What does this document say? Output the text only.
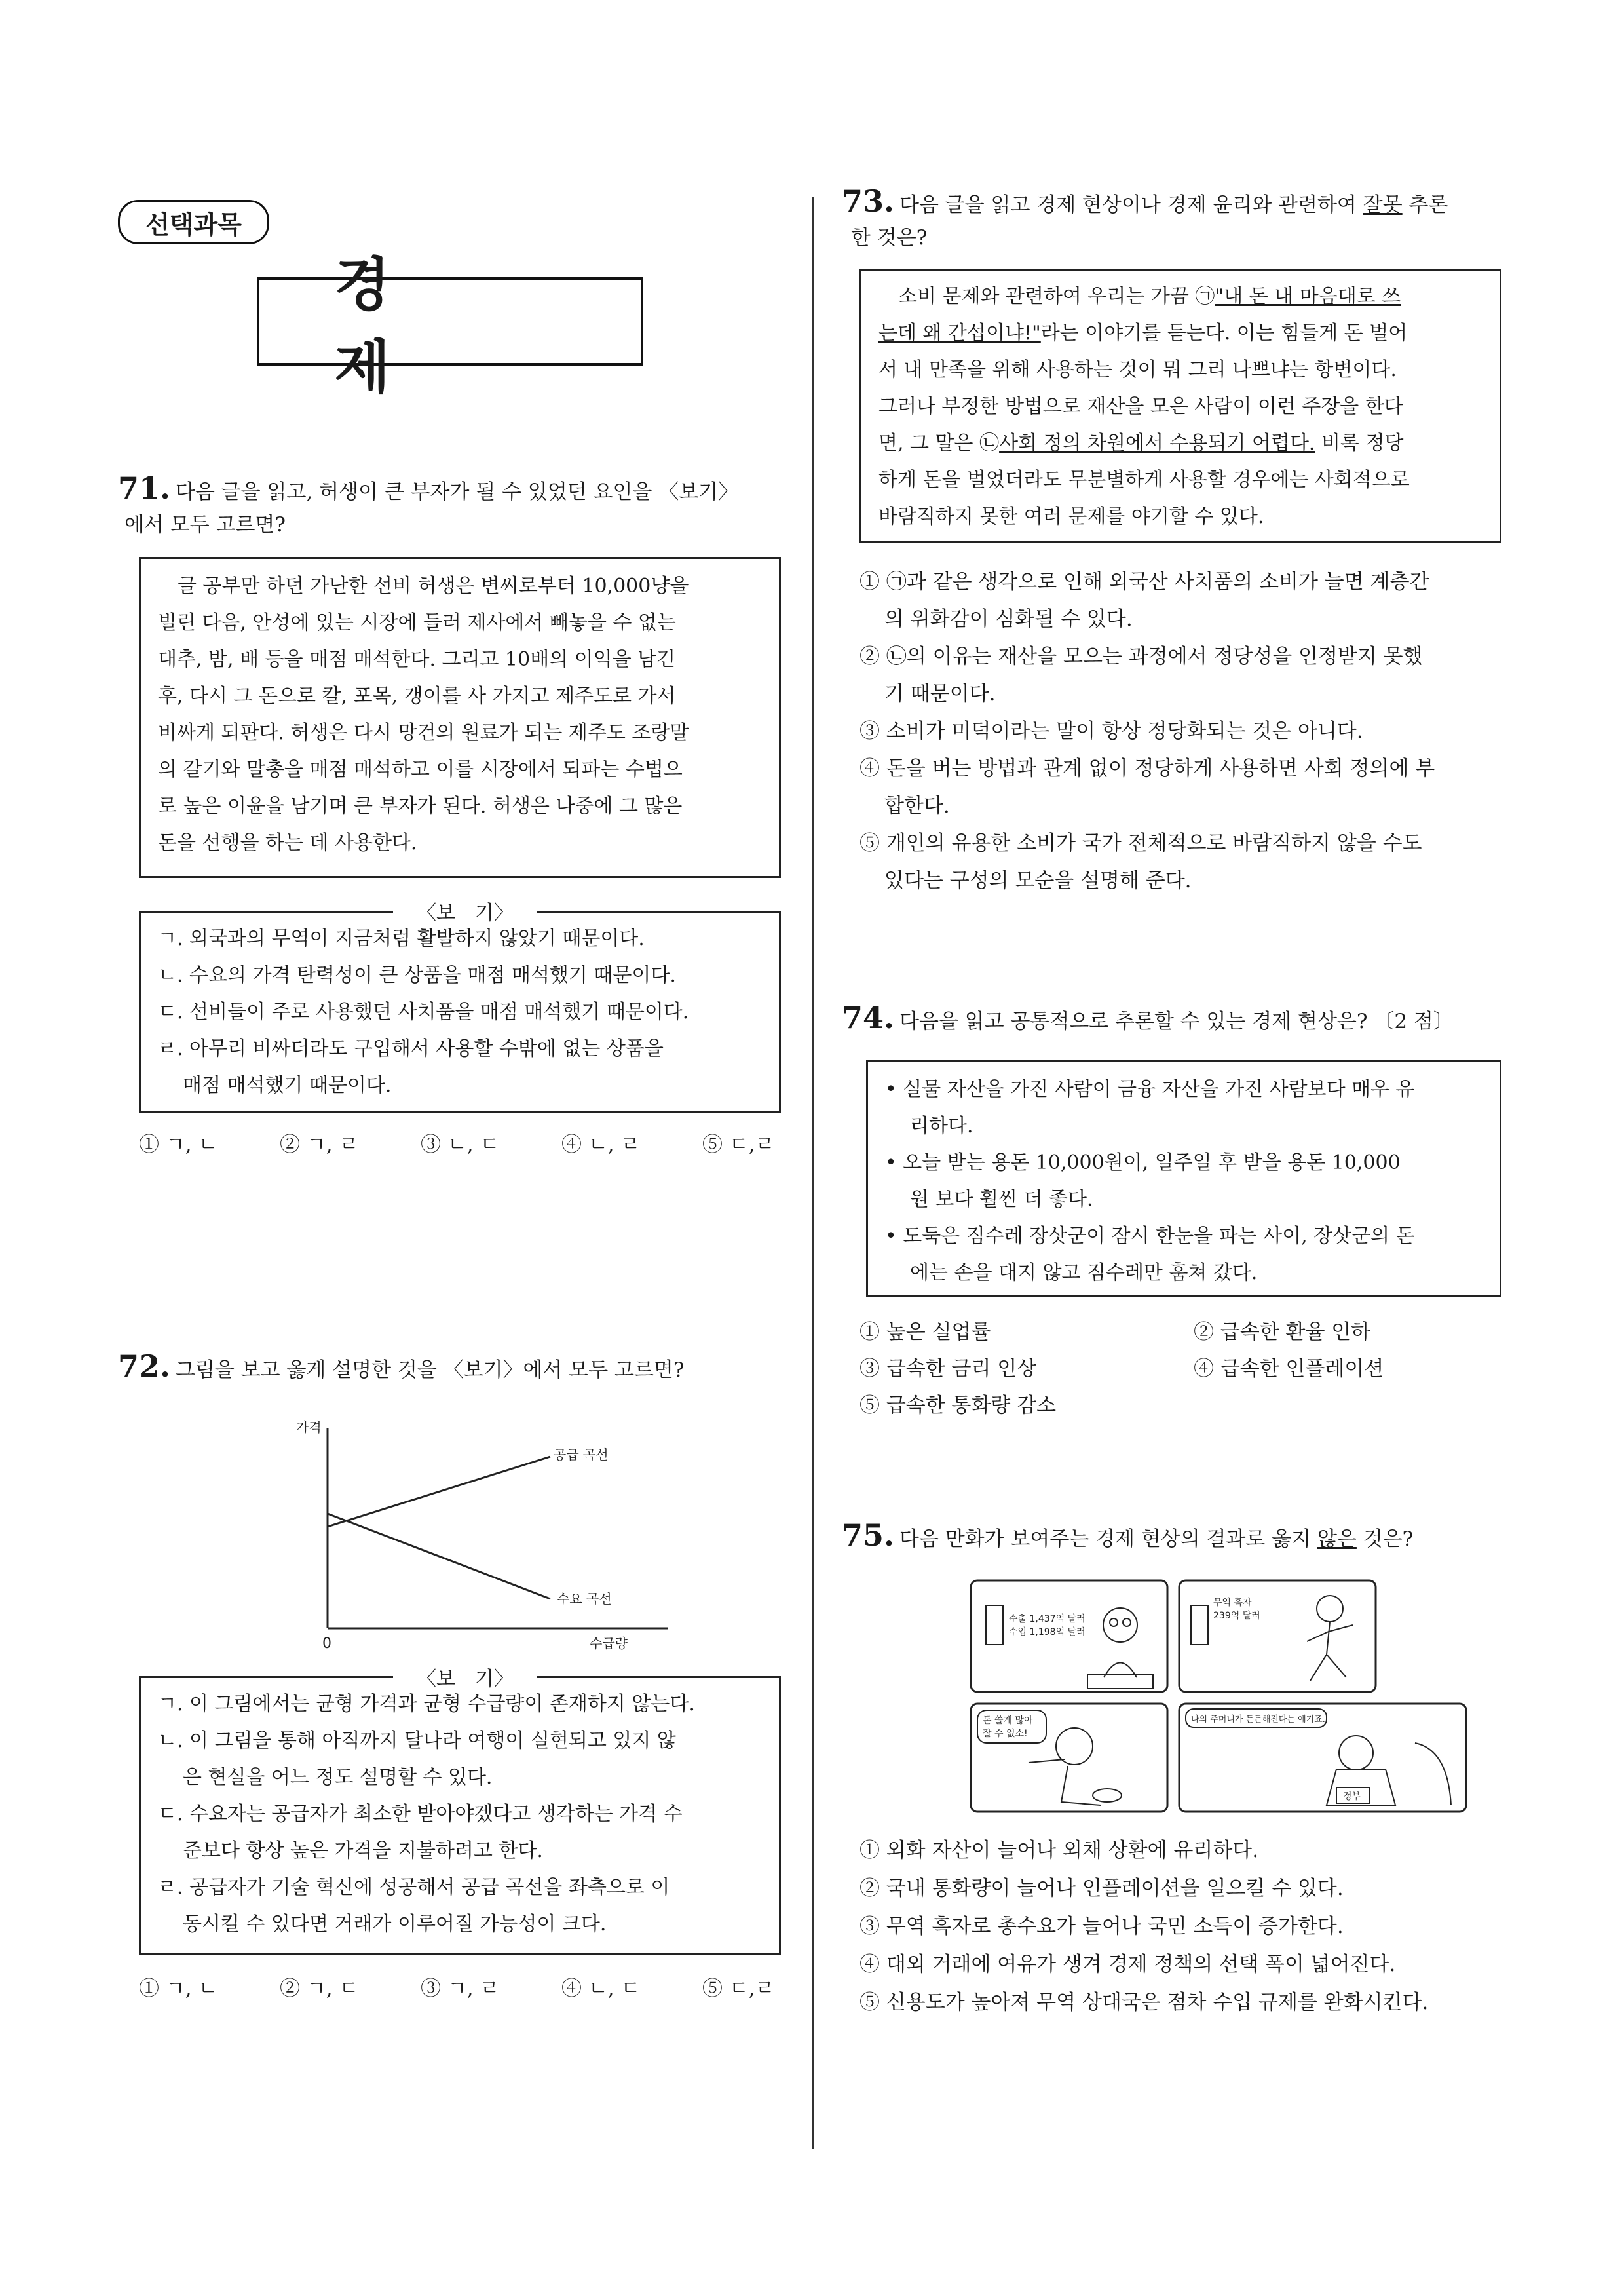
선택과목
경　제
71. 다음 글을 읽고, 허생이 큰 부자가 될 수 있었던 요인을 〈보기〉
에서 모두 고르면?
글 공부만 하던 가난한 선비 허생은 변씨로부터 10,000냥을
빌린 다음, 안성에 있는 시장에 들러 제사에서 빼놓을 수 없는
대추, 밤, 배 등을 매점 매석한다. 그리고 10배의 이익을 남긴
후, 다시 그 돈으로 칼, 포목, 갱이를 사 가지고 제주도로 가서
비싸게 되판다. 허생은 다시 망건의 원료가 되는 제주도 조랑말
의 갈기와 말총을 매점 매석하고 이를 시장에서 되파는 수법으
로 높은 이윤을 남기며 큰 부자가 된다. 허생은 나중에 그 많은
돈을 선행을 하는 데 사용한다.
ㄱ. 외국과의 무역이 지금처럼 활발하지 않았기 때문이다.
ㄴ. 수요의 가격 탄력성이 큰 상품을 매점 매석했기 때문이다.
ㄷ. 선비들이 주로 사용했던 사치품을 매점 매석했기 때문이다.
ㄹ. 아무리 비싸더라도 구입해서 사용할 수밖에 없는 상품을
매점 매석했기 때문이다.
〈보　기〉
① ㄱ, ㄴ	② ㄱ, ㄹ	③ ㄴ, ㄷ	④ ㄴ, ㄹ	⑤ ㄷ,ㄹ
72. 그림을 보고 옳게 설명한 것을 〈보기〉에서 모두 고르면?
가격
공급 곡선
수요 곡선
0	수급량
ㄱ. 이 그림에서는 균형 가격과 균형 수급량이 존재하지 않는다.
ㄴ. 이 그림을 통해 아직까지 달나라 여행이 실현되고 있지 않
은 현실을 어느 정도 설명할 수 있다.
ㄷ. 수요자는 공급자가 최소한 받아야겠다고 생각하는 가격 수
준보다 항상 높은 가격을 지불하려고 한다.
ㄹ. 공급자가 기술 혁신에 성공해서 공급 곡선을 좌측으로 이
동시킬 수 있다면 거래가 이루어질 가능성이 크다.
〈보　기〉
① ㄱ, ㄴ	② ㄱ, ㄷ	③ ㄱ, ㄹ	④ ㄴ, ㄷ	⑤ ㄷ,ㄹ
73. 다음 글을 읽고 경제 현상이나 경제 윤리와 관련하여 잘못 추론
한 것은?
소비 문제와 관련하여 우리는 가끔 ㉠"내 돈 내 마음대로 쓰
는데 왜 간섭이냐!"라는 이야기를 듣는다. 이는 힘들게 돈 벌어
서 내 만족을 위해 사용하는 것이 뭐 그리 나쁘냐는 항변이다.
그러나 부정한 방법으로 재산을 모은 사람이 이런 주장을 한다
면, 그 말은 ㉡사회 정의 차원에서 수용되기 어렵다. 비록 정당
하게 돈을 벌었더라도 무분별하게 사용할 경우에는 사회적으로
바람직하지 못한 여러 문제를 야기할 수 있다.
① ㉠과 같은 생각으로 인해 외국산 사치품의 소비가 늘면 계층간
의 위화감이 심화될 수 있다.
② ㉡의 이유는 재산을 모으는 과정에서 정당성을 인정받지 못했
기 때문이다.
③ 소비가 미덕이라는 말이 항상 정당화되는 것은 아니다.
④ 돈을 버는 방법과 관계 없이 정당하게 사용하면 사회 정의에 부
합한다.
⑤ 개인의 유용한 소비가 국가 전체적으로 바람직하지 않을 수도
있다는 구성의 모순을 설명해 준다.
74. 다음을 읽고 공통적으로 추론할 수 있는 경제 현상은? 〔2 점〕
• 실물 자산을 가진 사람이 금융 자산을 가진 사람보다 매우 유
리하다.
• 오늘 받는 용돈 10,000원이, 일주일 후 받을 용돈 10,000
원 보다 훨씬 더 좋다.
• 도둑은 짐수레 장삿군이 잠시 한눈을 파는 사이, 장삿군의 돈
에는 손을 대지 않고 짐수레만 훔쳐 갔다.
① 높은 실업률	② 급속한 환율 인하
③ 급속한 금리 인상	④ 급속한 인플레이션
⑤ 급속한 통화량 감소
75. 다음 만화가 보여주는 경제 현상의 결과로 옳지 않은 것은?
수출 1,437억 달러
수입 1,198억 달러
무역 흑자
239억 달러
돈 쓸게 많아
잘 수 없소!
나의 주머니가 든든해진다는 얘기죠.
정부
① 외화 자산이 늘어나 외채 상환에 유리하다.
② 국내 통화량이 늘어나 인플레이션을 일으킬 수 있다.
③ 무역 흑자로 총수요가 늘어나 국민 소득이 증가한다.
④ 대외 거래에 여유가 생겨 경제 정책의 선택 폭이 넓어진다.
⑤ 신용도가 높아져 무역 상대국은 점차 수입 규제를 완화시킨다.
